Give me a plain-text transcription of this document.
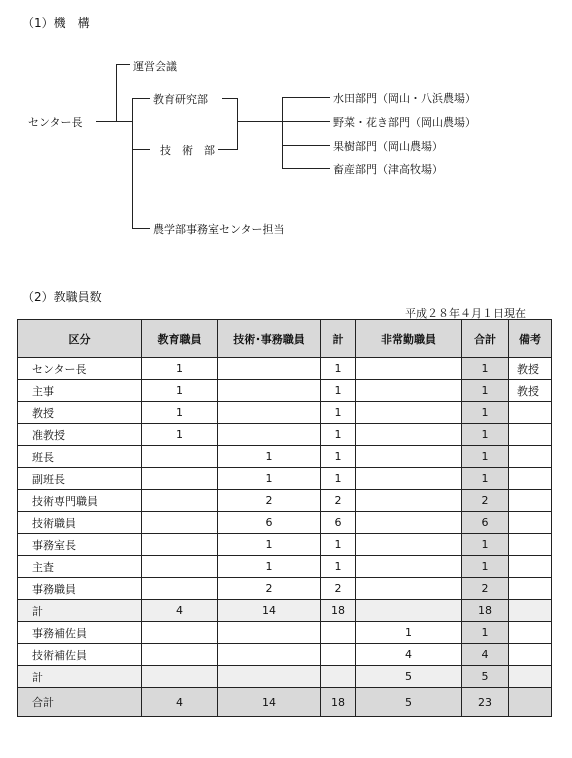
（1）機　構
センター長
運営会議
教育研究部
技　術　部
農学部事務室センター担当
水田部門（岡山・八浜農場）
野菜・花き部門（岡山農場）
果樹部門（岡山農場）
畜産部門（津高牧場）
（2）教職員数
平成２８年４月１日現在
区分	教育職員	技術･事務職員	計	非常勤職員	合計	備考
センター長	1		1		1	教授
主事	1		1		1	教授
教授	1		1		1	
准教授	1		1		1	
班長		1	1		1	
副班長		1	1		1	
技術専門職員		2	2		2	
技術職員		6	6		6	
事務室長		1	1		1	
主査		1	1		1	
事務職員		2	2		2	
計	4	14	18		18	
事務補佐員				1	1	
技術補佐員				4	4	
計				5	5	
合計	4	14	18	5	23	
